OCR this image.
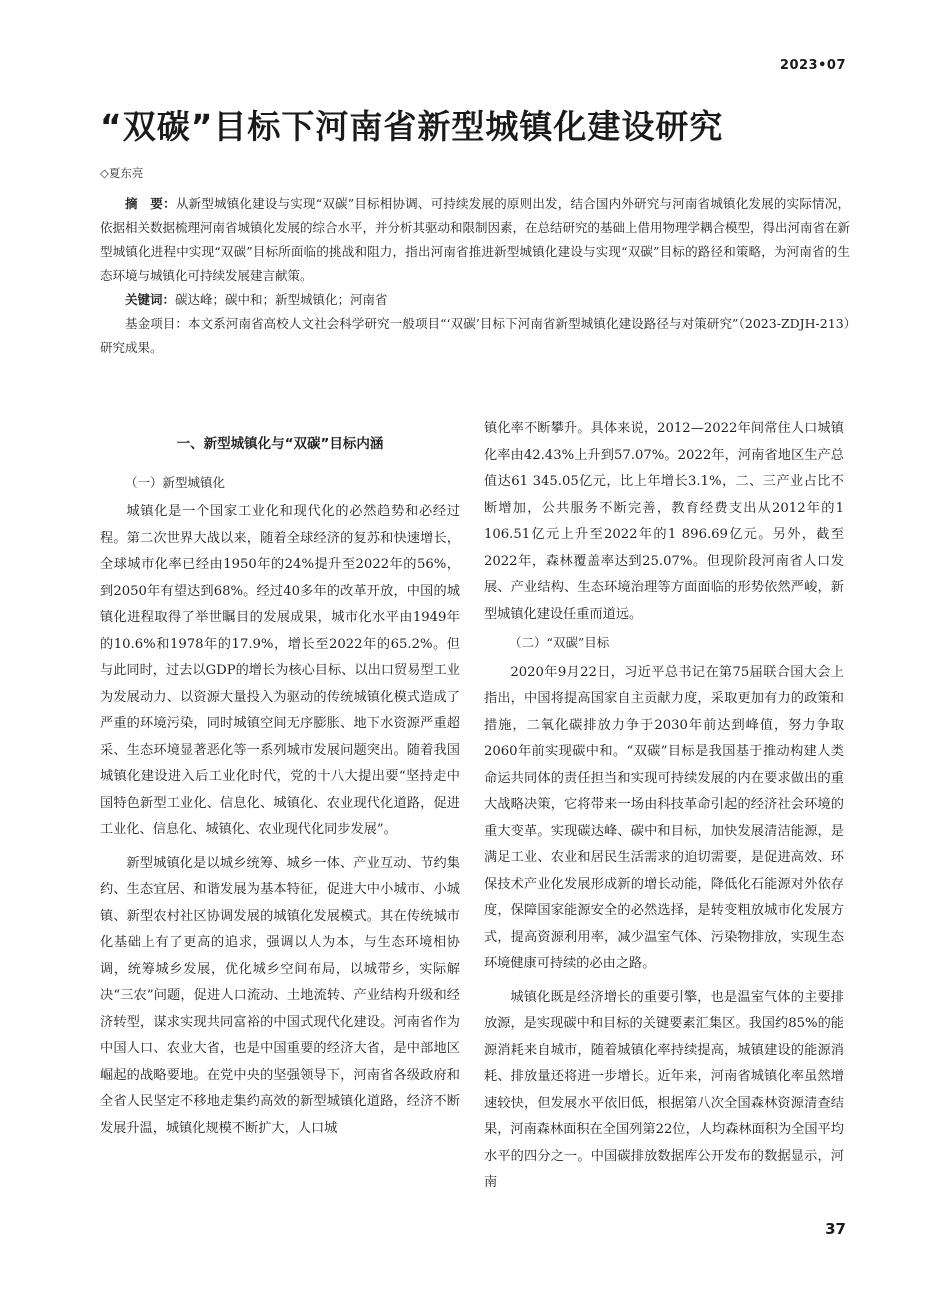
2023•07
“双碳”目标下河南省新型城镇化建设研究
◇夏东亮

摘　要：从新型城镇化建设与实现“双碳”目标相协调、可持续发展的原则出发，结合国内外研究与河南省城镇化发展的实际情况，依据相关数据梳理河南省城镇化发展的综合水平，并分析其驱动和限制因素，在总结研究的基础上借用物理学耦合模型，得出河南省在新型城镇化进程中实现“双碳”目标所面临的挑战和阻力，指出河南省推进新型城镇化建设与实现“双碳”目标的路径和策略，为河南省的生态环境与城镇化可持续发展建言献策。

关键词：碳达峰；碳中和；新型城镇化；河南省

基金项目：本文系河南省高校人文社会科学研究一般项目“‘双碳’目标下河南省新型城镇化建设路径与对策研究”（2023-ZDJH-213）研究成果。

一、新型城镇化与“双碳”目标内涵
（一）新型城镇化

城镇化是一个国家工业化和现代化的必然趋势和必经过程。第二次世界大战以来，随着全球经济的复苏和快速增长，全球城市化率已经由1950年的24%提升至2022年的56%，到2050年有望达到68%。经过40多年的改革开放，中国的城镇化进程取得了举世瞩目的发展成果，城市化水平由1949年的10.6%和1978年的17.9%，增长至2022年的65.2%。但与此同时，过去以GDP的增长为核心目标、以出口贸易型工业为发展动力、以资源大量投入为驱动的传统城镇化模式造成了严重的环境污染，同时城镇空间无序膨胀、地下水资源严重超采、生态环境显著恶化等一系列城市发展问题突出。随着我国城镇化建设进入后工业化时代，党的十八大提出要“坚持走中国特色新型工业化、信息化、城镇化、农业现代化道路，促进工业化、信息化、城镇化、农业现代化同步发展”。

新型城镇化是以城乡统筹、城乡一体、产业互动、节约集约、生态宜居、和谐发展为基本特征，促进大中小城市、小城镇、新型农村社区协调发展的城镇化发展模式。其在传统城市化基础上有了更高的追求，强调以人为本，与生态环境相协调，统筹城乡发展，优化城乡空间布局，以城带乡，实际解决“三农”问题，促进人口流动、土地流转、产业结构升级和经济转型，谋求实现共同富裕的中国式现代化建设。河南省作为中国人口、农业大省，也是中国重要的经济大省，是中部地区崛起的战略要地。在党中央的坚强领导下，河南省各级政府和全省人民坚定不移地走集约高效的新型城镇化道路，经济不断发展升温，城镇化规模不断扩大，人口城

镇化率不断攀升。具体来说，2012—2022年间常住人口城镇化率由42.43%上升到57.07%。2022年，河南省地区生产总值达61 345.05亿元，比上年增长3.1%，二、三产业占比不断增加，公共服务不断完善，教育经费支出从2012年的1 106.51亿元上升至2022年的1 896.69亿元。另外，截至2022年，森林覆盖率达到25.07%。但现阶段河南省人口发展、产业结构、生态环境治理等方面面临的形势依然严峻，新型城镇化建设任重而道远。

（二）“双碳”目标

2020年9月22日，习近平总书记在第75届联合国大会上指出，中国将提高国家自主贡献力度，采取更加有力的政策和措施，二氧化碳排放力争于2030年前达到峰值，努力争取2060年前实现碳中和。“双碳”目标是我国基于推动构建人类命运共同体的责任担当和实现可持续发展的内在要求做出的重大战略决策，它将带来一场由科技革命引起的经济社会环境的重大变革。实现碳达峰、碳中和目标，加快发展清洁能源，是满足工业、农业和居民生活需求的迫切需要，是促进高效、环保技术产业化发展形成新的增长动能，降低化石能源对外依存度，保障国家能源安全的必然选择，是转变粗放城市化发展方式，提高资源利用率，减少温室气体、污染物排放，实现生态环境健康可持续的必由之路。

城镇化既是经济增长的重要引擎，也是温室气体的主要排放源，是实现碳中和目标的关键要素汇集区。我国约85%的能源消耗来自城市，随着城镇化率持续提高，城镇建设的能源消耗、排放量还将进一步增长。近年来，河南省城镇化率虽然增速较快，但发展水平依旧低，根据第八次全国森林资源清查结果，河南森林面积在全国列第22位，人均森林面积为全国平均水平的四分之一。中国碳排放数据库公开发布的数据显示，河南

37
